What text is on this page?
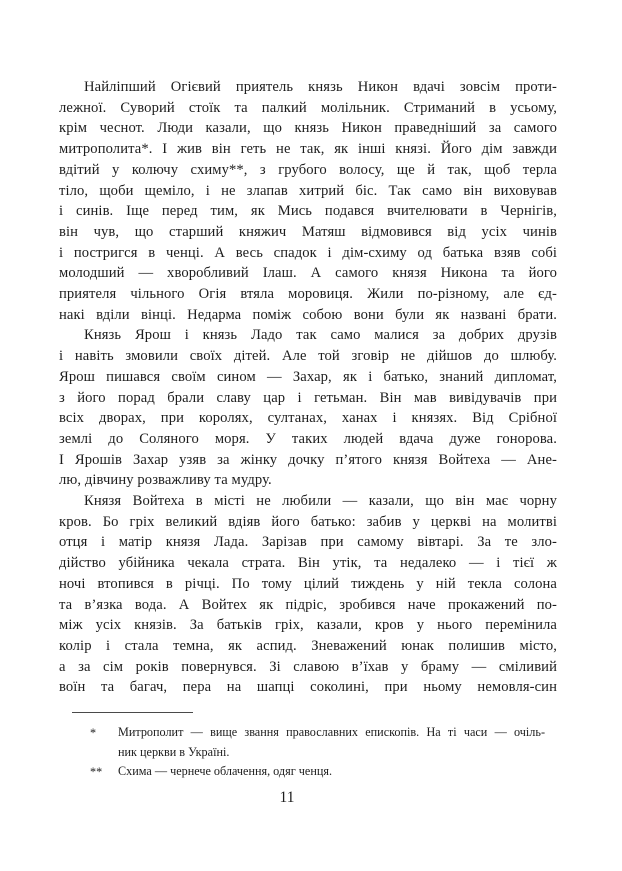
Найліпший Огієвий приятель князь Никон вдачі зовсім проти-
лежної. Суворий стоїк та палкий молільник. Стриманий в усьому,
крім чеснот. Люди казали, що князь Никон праведніший за самого
митрополита*. І жив він геть не так, як інші князі. Його дім завжди
вдітий у колючу схиму**, з грубого волосу, ще й так, щоб терла
тіло, щоби щеміло, і не злапав хитрий біс. Так само він виховував
і синів. Іще перед тим, як Мись подався вчителювати в Чернігів,
він чув, що старший княжич Матяш відмовився від усіх чинів
і постригся в ченці. А весь спадок і дім-схиму од батька взяв собі
молодший — хворобливий Ілаш. А самого князя Никона та його
приятеля чільного Огія втяла моровиця. Жили по-різному, але єд-
накі вділи вінці. Недарма поміж собою вони були як названі брати.
Князь Ярош і князь Ладо так само малися за добрих друзів
і навіть змовили своїх дітей. Але той зговір не дійшов до шлюбу.
Ярош пишався своїм сином — Захар, як і батько, знаний дипломат,
з його порад брали славу цар і гетьман. Він мав вивідувачів при
всіх дворах, при королях, султанах, ханах і князях. Від Срібної
землі до Соляного моря. У таких людей вдача дуже гонорова.
І Ярошів Захар узяв за жінку дочку п’ятого князя Войтеха — Ане-
лю, дівчину розважливу та мудру.
Князя Войтеха в місті не любили — казали, що він має чорну
кров. Бо гріх великий вдіяв його батько: забив у церкві на молитві
отця і матір князя Лада. Зарізав при самому вівтарі. За те зло-
дійство убійника чекала страта. Він утік, та недалеко — і тієї ж
ночі втопився в річці. По тому цілий тиждень у ній текла солона
та в’язка вода. А Войтех як підріс, зробився наче прокажений по-
між усіх князів. За батьків гріх, казали, кров у нього перемінила
колір і стала темна, як аспид. Зневажений юнак полишив місто,
а за сім років повернувся. Зі славою в’їхав у браму — сміливий
воїн та багач, пера на шапці соколині, при ньому немовля-син
* Митрополит — вище звання православних епископів. На ті часи — очіль-
ник церкви в Україні.
** Схима — чернече облачення, одяг ченця.
11
